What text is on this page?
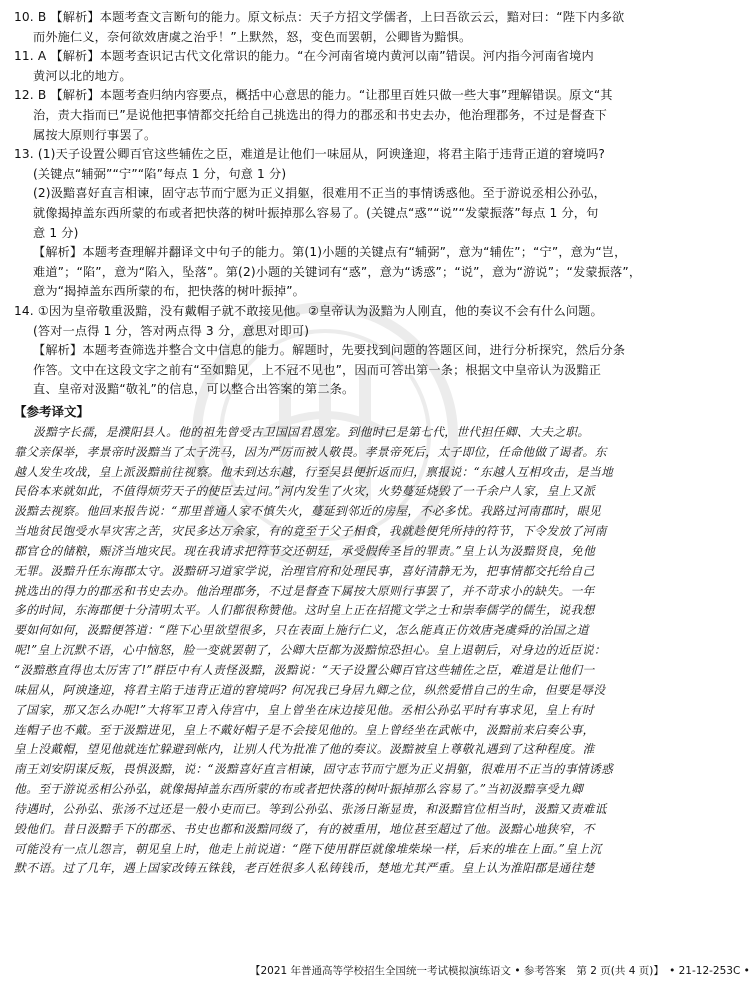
10. B 【解析】本题考查文言断句的能力。原文标点：天子方招文学儒者，上曰吾欲云云，黯对曰：“陛下内多欲
而外施仁义，奈何欲效唐虞之治乎！”上默然，怒，变色而罢朝，公卿皆为黯惧。
11. A 【解析】本题考查识记古代文化常识的能力。“在今河南省境内黄河以南”错误。河内指今河南省境内
黄河以北的地方。
12. B 【解析】本题考查归纳内容要点，概括中心意思的能力。“让郡里百姓只做一些大事”理解错误。原文“其
治，责大指而已”是说他把事情都交托给自己挑选出的得力的郡丞和书史去办，他治理郡务，不过是督查下
属按大原则行事罢了。
13. (1)天子设置公卿百官这些辅佐之臣，难道是让他们一味屈从，阿谀逢迎，将君主陷于违背正道的窘境吗?
(关键点“辅弼”“宁”“陷”每点 1 分，句意 1 分)
(2)汲黯喜好直言相谏，固守志节而宁愿为正义捐躯，很难用不正当的事情诱惑他。至于游说丞相公孙弘，
就像揭掉盖东西所蒙的布或者把快落的树叶振掉那么容易了。(关键点“惑”“说”“发蒙振落”每点 1 分，句
意 1 分)
【解析】本题考查理解并翻译文中句子的能力。第(1)小题的关键点有“辅弼”，意为“辅佐”；“宁”，意为“岂，
难道”；“陷”，意为“陷入，坠落”。第(2)小题的关键词有“惑”，意为“诱惑”；“说”，意为“游说”；“发蒙振落”，
意为“揭掉盖东西所蒙的布，把快落的树叶振掉”。
14. ①因为皇帝敬重汲黯，没有戴帽子就不敢接见他。②皇帝认为汲黯为人刚直，他的奏议不会有什么问题。
(答对一点得 1 分，答对两点得 3 分，意思对即可)
【解析】本题考查筛选并整合文中信息的能力。解题时，先要找到问题的答题区间，进行分析探究，然后分条
作答。文中在这段文字之前有“至如黯见，上不冠不见也”，因而可答出第一条；根据文中皇帝认为汲黯正
直、皇帝对汲黯“敬礼”的信息，可以整合出答案的第二条。
【参考译文】
汲黯字长孺，是濮阳县人。他的祖先曾受古卫国国君恩宠。到他时已是第七代，世代担任卿、大夫之职。
靠父亲保举，孝景帝时汲黯当了太子洗马，因为严厉而被人敬畏。孝景帝死后，太子即位，任命他做了谒者。东
越人发生攻战，皇上派汲黯前往视察。他未到达东越，行至吴县便折返而归，禀报说：“东越人互相攻击，是当地
民俗本来就如此，不值得烦劳天子的使臣去过问。”河内发生了火灾，火势蔓延烧毁了一千余户人家，皇上又派
汲黯去视察。他回来报告说：“那里普通人家不慎失火，蔓延到邻近的房屋，不必多忧。我路过河南郡时，眼见
当地贫民饱受水旱灾害之苦，灾民多达万余家，有的竟至于父子相食，我就趁便凭所持的符节，下令发放了河南
郡官仓的储粮，赈济当地灾民。现在我请求把符节交还朝廷，承受假传圣旨的罪责。”皇上认为汲黯贤良，免他
无罪。汲黯升任东海郡太守。汲黯研习道家学说，治理官府和处理民事，喜好清静无为，把事情都交托给自己
挑选出的得力的郡丞和书史去办。他治理郡务，不过是督查下属按大原则行事罢了，并不苛求小的缺失。一年
多的时间，东海郡便十分清明太平。人们都很称赞他。这时皇上正在招揽文学之士和崇奉儒学的儒生，说我想
要如何如何，汲黯便答道：“陛下心里欲望很多，只在表面上施行仁义，怎么能真正仿效唐尧虞舜的治国之道
呢!”皇上沉默不语，心中恼怒，脸一变就罢朝了，公卿大臣都为汲黯惊恐担心。皇上退朝后，对身边的近臣说：
“汲黯憨直得也太厉害了!”群臣中有人责怪汲黯，汲黯说：“天子设置公卿百官这些辅佐之臣，难道是让他们一
味屈从，阿谀逢迎，将君主陷于违背正道的窘境吗? 何况我已身居九卿之位，纵然爱惜自己的生命，但要是辱没
了国家，那又怎么办呢!”大将军卫青入侍宫中，皇上曾坐在床边接见他。丞相公孙弘平时有事求见，皇上有时
连帽子也不戴。至于汲黯进见，皇上不戴好帽子是不会接见他的。皇上曾经坐在武帐中，汲黯前来启奏公事，
皇上没戴帽，望见他就连忙躲避到帐内，让别人代为批准了他的奏议。汲黯被皇上尊敬礼遇到了这种程度。淮
南王刘安阴谋反叛，畏惧汲黯，说：“汲黯喜好直言相谏，固守志节而宁愿为正义捐躯，很难用不正当的事情诱惑
他。至于游说丞相公孙弘，就像揭掉盖东西所蒙的布或者把快落的树叶振掉那么容易了。”当初汲黯享受九卿
待遇时，公孙弘、张汤不过还是一般小吏而已。等到公孙弘、张汤日渐显贵，和汲黯官位相当时，汲黯又责难诋
毁他们。昔日汲黯手下的郡丞、书史也都和汲黯同级了，有的被重用，地位甚至超过了他。汲黯心地狭窄，不
可能没有一点儿怨言，朝见皇上时，他走上前说道：“陛下使用群臣就像堆柴垛一样，后来的堆在上面。”皇上沉
默不语。过了几年，遇上国家改铸五铢钱，老百姓很多人私铸钱币，楚地尤其严重。皇上认为淮阳郡是通往楚
【2021 年普通高等学校招生全国统一考试模拟演练语文 • 参考答案　第 2 页(共 4 页)】　• 21-12-253C •
